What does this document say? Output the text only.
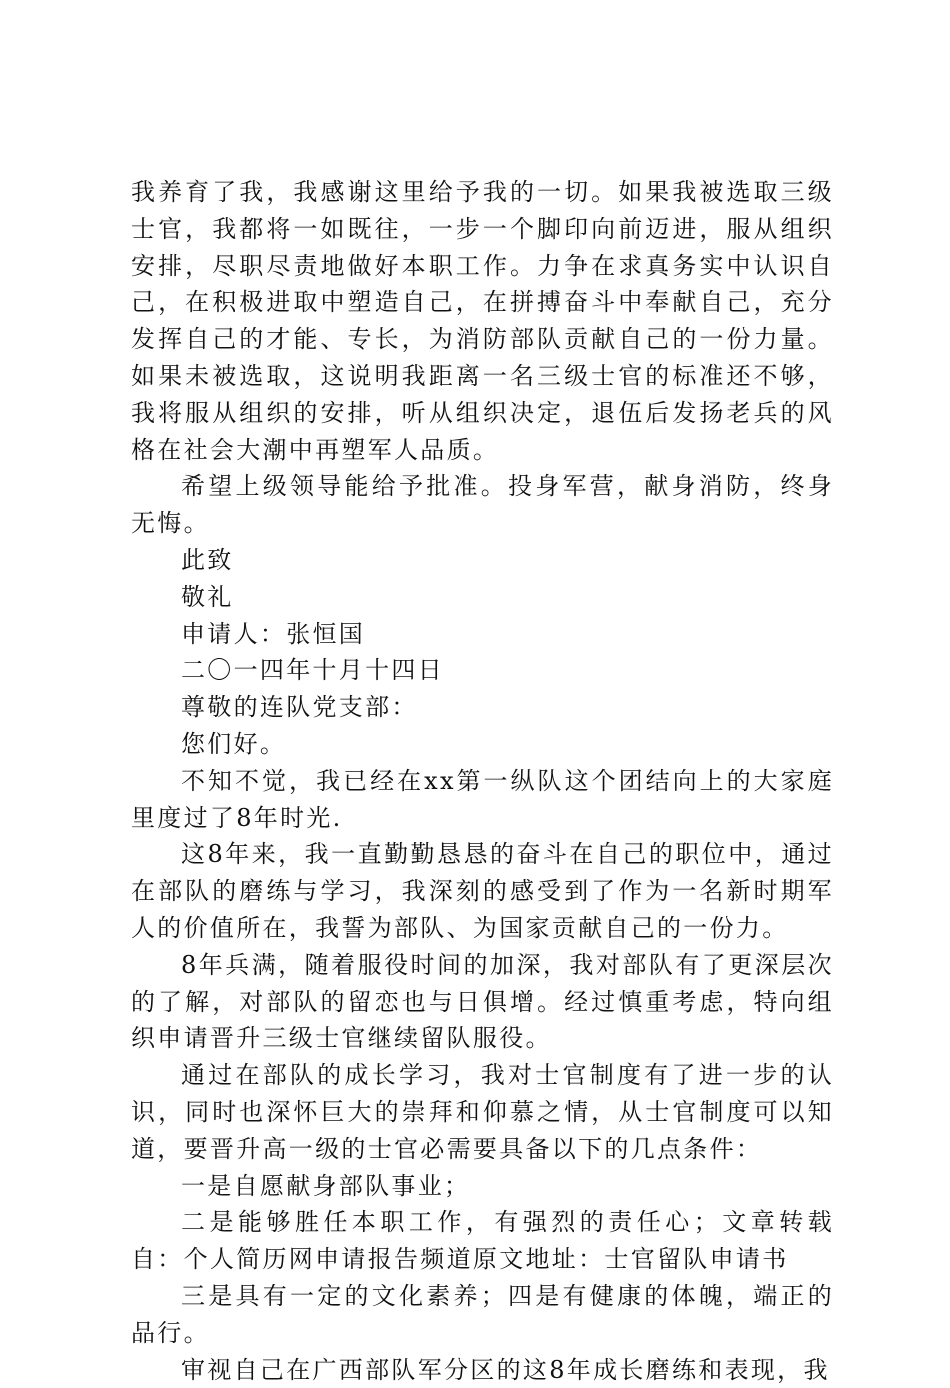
我养育了我，我感谢这里给予我的一切。如果我被选取三级士官，我都将一如既往，一步一个脚印向前迈进，服从组织安排，尽职尽责地做好本职工作。力争在求真务实中认识自己，在积极进取中塑造自己，在拼搏奋斗中奉献自己，充分发挥自己的才能、专长，为消防部队贡献自己的一份力量。如果未被选取，这说明我距离一名三级士官的标准还不够，我将服从组织的安排，听从组织决定，退伍后发扬老兵的风格在社会大潮中再塑军人品质。

希望上级领导能给予批准。投身军营，献身消防，终身无悔。

此致

敬礼

申请人：张恒国

二〇一四年十月十四日

尊敬的连队党支部：

您们好。

不知不觉，我已经在xx第一纵队这个团结向上的大家庭里度过了8年时光.

这8年来，我一直勤勤恳恳的奋斗在自己的职位中，通过在部队的磨练与学习，我深刻的感受到了作为一名新时期军人的价值所在，我誓为部队、为国家贡献自己的一份力。

8年兵满，随着服役时间的加深，我对部队有了更深层次的了解，对部队的留恋也与日俱增。经过慎重考虑，特向组织申请晋升三级士官继续留队服役。

通过在部队的成长学习，我对士官制度有了进一步的认识，同时也深怀巨大的崇拜和仰慕之情，从士官制度可以知道，要晋升高一级的士官必需要具备以下的几点条件：

一是自愿献身部队事业；

二是能够胜任本职工作，有强烈的责任心；文章转载自：个人简历网申请报告频道原文地址：士官留队申请书

三是具有一定的文化素养；四是有健康的体魄，端正的品行。

审视自己在广西部队军分区的这8年成长磨练和表现，我
